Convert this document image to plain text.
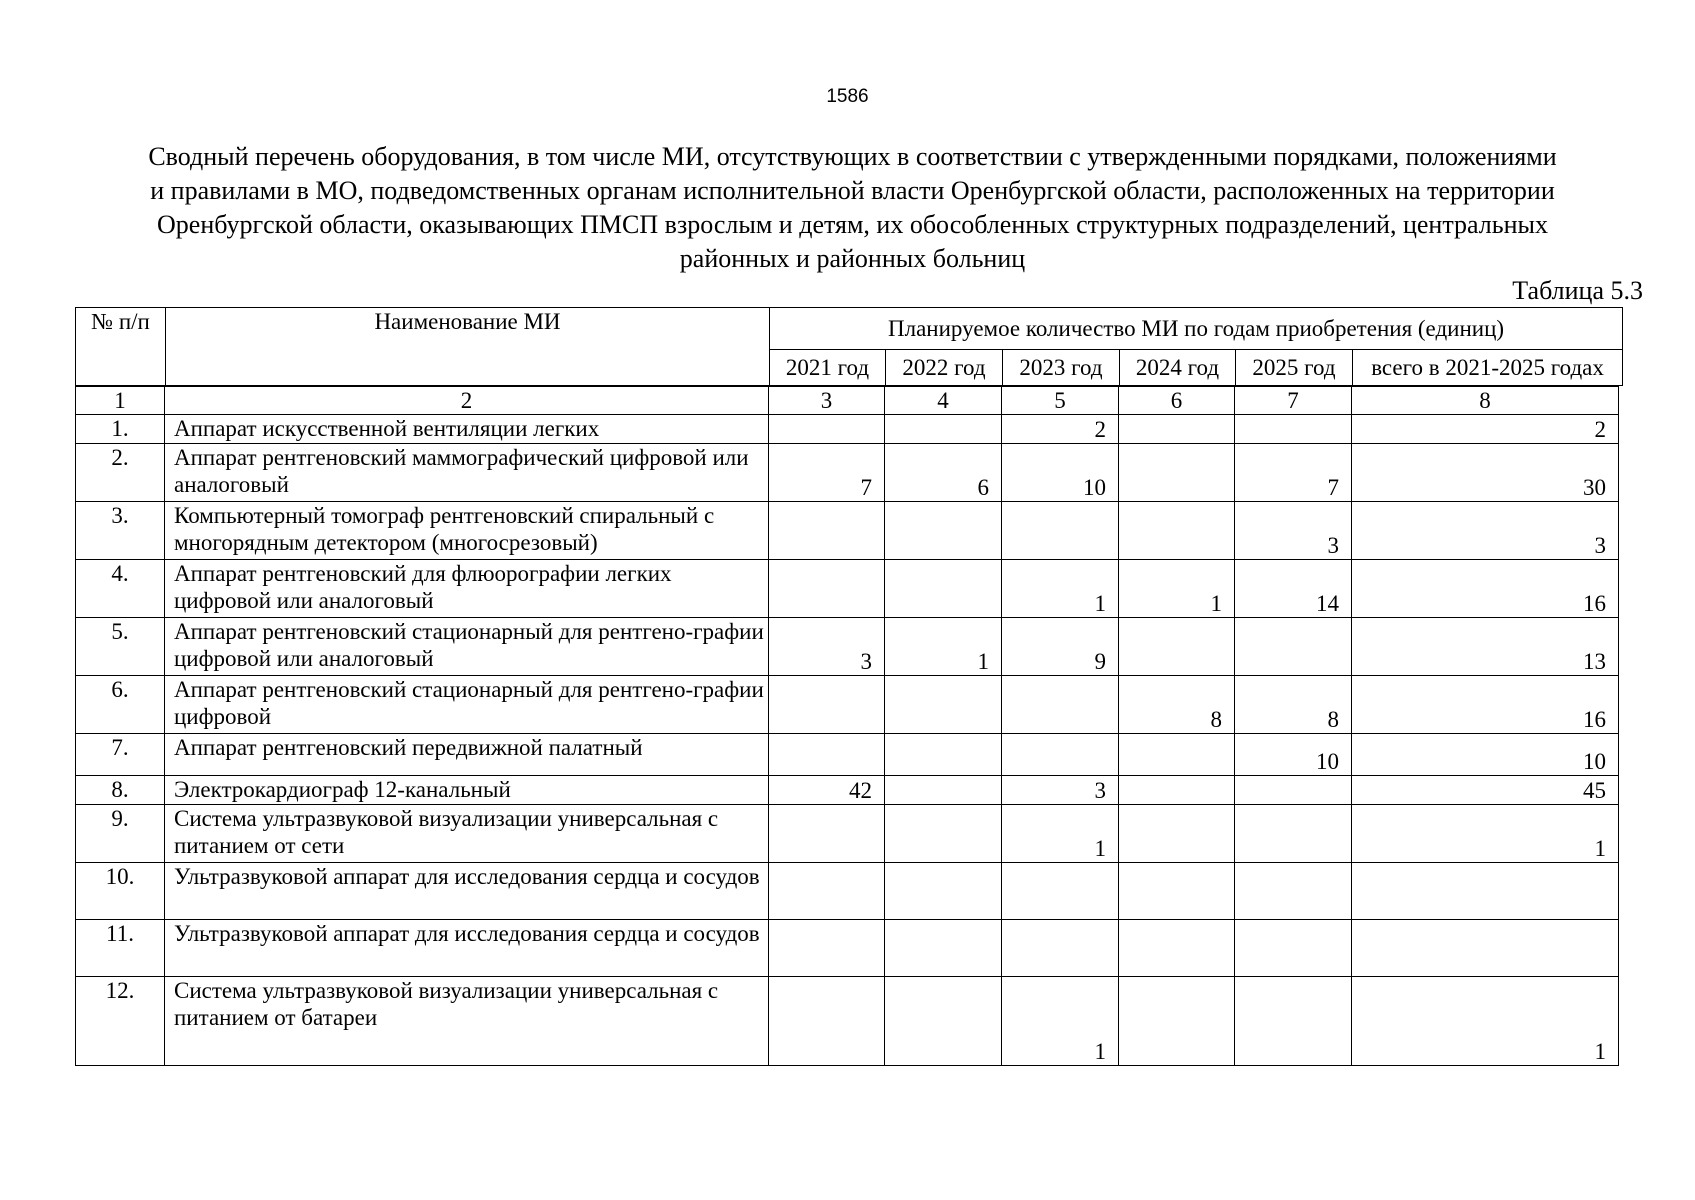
1586
Сводный перечень оборудования, в том числе МИ, отсутствующих в соответствии с утвержденными порядками, положениями и правилами в МО, подведомственных органам исполнительной власти Оренбургской области, расположенных на территории Оренбургской области, оказывающих ПМСП взрослым и детям, их обособленных структурных подразделений, центральных районных и районных больниц
Таблица 5.3
№ п/п	Наименование МИ	Планируемое количество МИ по годам приобретения (единиц)					
		2021 год	2022 год	2023 год	2024 год	2025 год	всего в 2021-2025 годах
1	2	3	4	5	6	7	8
1.	Аппарат искусственной вентиляции легких			2			2
2.	Аппарат рентгеновский маммографический цифровой или аналоговый	7	6	10		7	30
3.	Компьютерный томограф рентгеновский спиральный с многорядным детектором (многосрезовый)					3	3
4.	Аппарат рентгеновский для флюорографии легких цифровой или аналоговый			1	1	14	16
5.	Аппарат рентгеновский стационарный для рентгено-графии цифровой или аналоговый	3	1	9			13
6.	Аппарат рентгеновский стационарный для рентгено-графии цифровой				8	8	16
7.	Аппарат рентгеновский передвижной палатный					10	10
8.	Электрокардиограф 12-канальный	42		3			45
9.	Система ультразвуковой визуализации универсальная с питанием от сети			1			1
10.	Ультразвуковой аппарат для исследования сердца и сосудов						
11.	Ультразвуковой аппарат для исследования сердца и сосудов						
12.	Система ультразвуковой визуализации универсальная с питанием от батареи			1			1
